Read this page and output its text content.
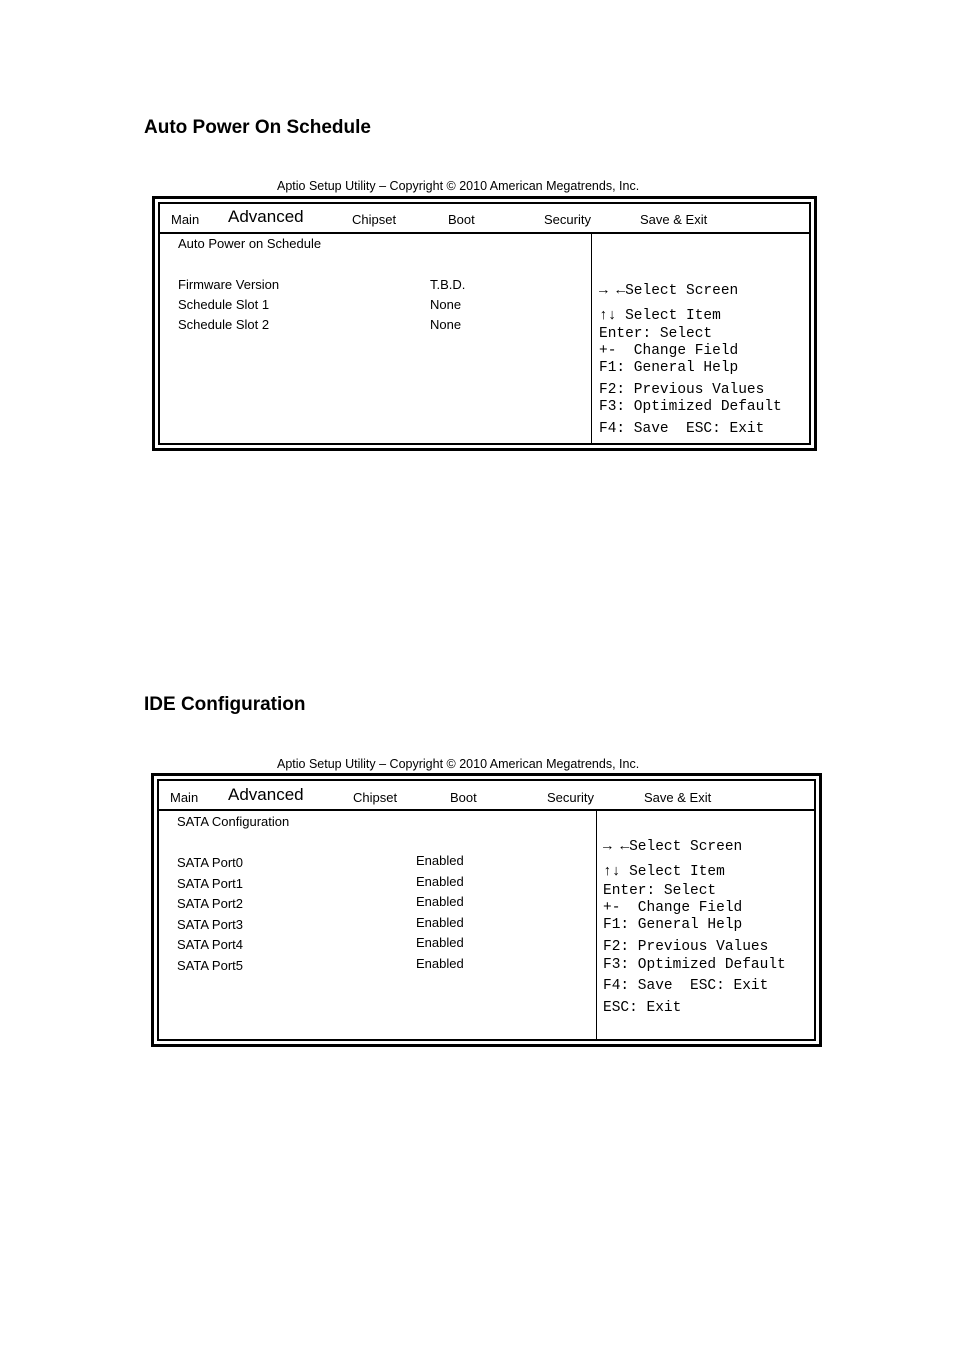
Auto Power On Schedule
Aptio Setup Utility – Copyright © 2010 American Megatrends, Inc.
Main Advanced	Chipset	Boot	Security	Save & Exit
Auto Power on Schedule
Firmware Version	T.B.D.
Schedule Slot 1	None
Schedule Slot 2	None
→ ←Select Screen
↑↓ Select Item
Enter: Select
+-  Change Field
F1: General Help
F2: Previous Values
F3: Optimized Default
F4: Save  ESC: Exit
IDE Configuration
Aptio Setup Utility – Copyright © 2010 American Megatrends, Inc.
Main Advanced	Chipset	Boot	Security	Save & Exit
SATA Configuration
SATA Port0	Enabled
SATA Port1	Enabled
SATA Port2	Enabled
SATA Port3	Enabled
SATA Port4	Enabled
SATA Port5	Enabled
→ ←Select Screen
↑↓ Select Item
Enter: Select
+-  Change Field
F1: General Help
F2: Previous Values
F3: Optimized Default
F4: Save  ESC: Exit
ESC: Exit
